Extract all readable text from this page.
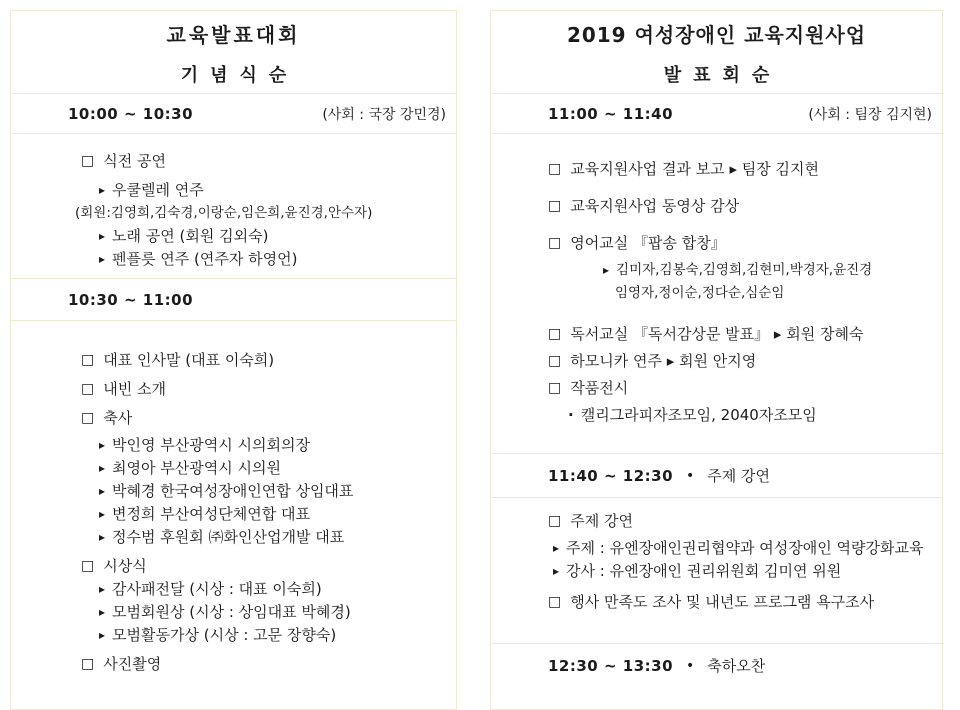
교육발표대회
기념식순
10:00 ~ 10:30	(사회 : 국장 강민경)
□ 식전 공연
▸ 우쿨렐레 연주
(회원:김영희,김숙경,이랑순,임은희,윤진경,안수자)
▸ 노래 공연 (회원 김외숙)
▸ 펜플릇 연주 (연주자 하영언)
10:30 ~ 11:00
□ 대표 인사말 (대표 이숙희)
□ 내빈 소개
□ 축사
▸ 박인영 부산광역시 시의회의장
▸ 최영아 부산광역시 시의원
▸ 박혜경 한국여성장애인연합 상임대표
▸ 변정희 부산여성단체연합 대표
▸ 정수범 후원회 ㈜화인산업개발 대표
□ 시상식
▸ 감사패전달 (시상 : 대표 이숙희)
▸ 모범회원상 (시상 : 상임대표 박혜경)
▸ 모범활동가상 (시상 : 고문 장향숙)
□ 사진촬영
2019 여성장애인 교육지원사업
발표회순
11:00 ~ 11:40	(사회 : 팀장 김지현)
□ 교육지원사업 결과 보고 ▸ 팀장 김지현
□ 교육지원사업 동영상 감상
□ 영어교실 『팝송 합창』
▸ 김미자,김봉숙,김영희,김현미,박경자,윤진경
임영자,정이순,정다순,심순임
□ 독서교실 『독서감상문 발표』 ▸ 회원 장혜숙
□ 하모니카 연주 ▸ 회원 안지영
□ 작품전시
· 캘리그라피자조모임, 2040자조모임
11:40 ~ 12:30 • 주제 강연
□ 주제 강연
▸ 주제 : 유엔장애인권리협약과 여성장애인 역량강화교육
▸ 강사 : 유엔장애인 권리위원회 김미연 위원
□ 행사 만족도 조사 및 내년도 프로그램 욕구조사
12:30 ~ 13:30 • 축하오찬
